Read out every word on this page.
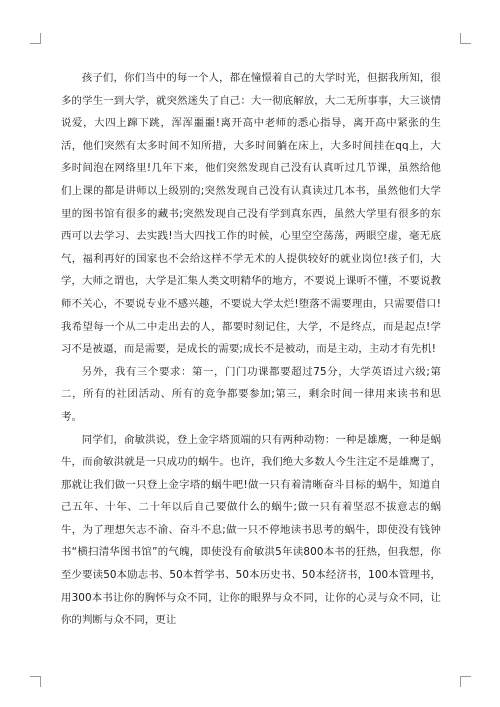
孩子们，你们当中的每一个人，都在憧憬着自己的大学时光，但据我所知，很多的学生一到大学，就突然迷失了自己：大一彻底解放，大二无所事事，大三谈情说爱，大四上蹿下跳，浑浑噩噩!离开高中老师的悉心指导，离开高中紧张的生活，他们突然有太多时间不知所措，大多时间躺在床上，大多时间挂在qq上，大多时间泡在网络里!几年下来，他们突然发现自己没有认真听过几节课，虽然给他们上课的都是讲师以上级别的;突然发现自己没有认真读过几本书，虽然他们大学里的图书馆有很多的藏书;突然发现自己没有学到真东西，虽然大学里有很多的东西可以去学习、去实践!当大四找工作的时候，心里空空荡荡，两眼空虚，毫无底气，福利再好的国家也不会给这样不学无术的人提供较好的就业岗位!孩子们，大学，大师之谓也，大学是汇集人类文明精华的地方，不要说上课听不懂，不要说教师不关心，不要说专业不感兴趣，不要说大学太烂!堕落不需要理由，只需要借口!我希望每一个从二中走出去的人，都要时刻记住，大学，不是终点，而是起点!学习不是被逼，而是需要，是成长的需要;成长不是被动，而是主动，主动才有先机!

另外，我有三个要求：第一，门门功课都要超过75分，大学英语过六级;第二，所有的社团活动、所有的竞争都要参加;第三，剩余时间一律用来读书和思考。

同学们，俞敏洪说，登上金字塔顶端的只有两种动物：一种是雄鹰，一种是蜗牛，而俞敏洪就是一只成功的蜗牛。也许，我们绝大多数人今生注定不是雄鹰了，那就让我们做一只登上金字塔的蜗牛吧!做一只有着清晰奋斗目标的蜗牛，知道自己五年、十年、二十年以后自己要做什么的蜗牛;做一只有着坚忍不拔意志的蜗牛，为了理想矢志不渝、奋斗不息;做一只不停地读书思考的蜗牛，即使没有钱钟书“横扫清华图书馆”的气魄，即使没有俞敏洪5年读800本书的狂热，但我想，你至少要读50本励志书、50本哲学书、50本历史书、50本经济书，100本管理书，用300本书让你的胸怀与众不同，让你的眼界与众不同，让你的心灵与众不同，让你的判断与众不同，更让
